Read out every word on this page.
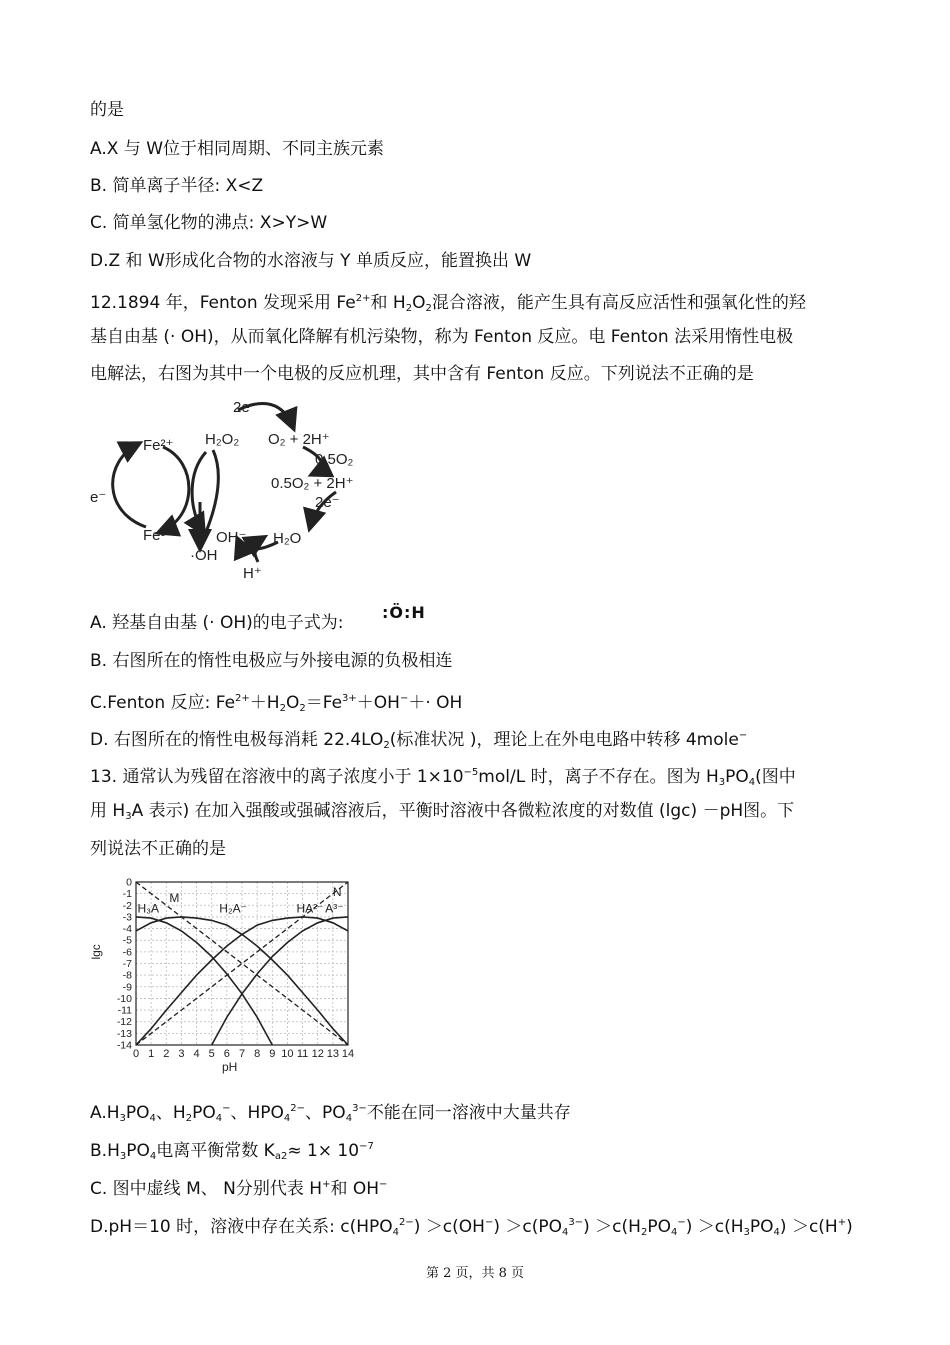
的是
A.X 与 W位于相同周期、不同主族元素
B. 简单离子半径: X<Z
C. 简单氢化物的沸点: X>Y>W
D.Z 和 W形成化合物的水溶液与 Y 单质反应，能置换出 W
12.1894 年，Fenton 发现采用 $Fe^{2+}$和 $H_2O_2$混合溶液，能产生具有高反应活性和强氧化性的羟
基自由基 (· OH)，从而氧化降解有机污染物，称为 Fenton 反应。电 Fenton 法采用惰性电极
电解法，右图为其中一个电极的反应机理，其中含有 Fenton 反应。下列说法不正确的是
Fe²⁺
Fe³⁺
H₂O₂ O₂ + 2H⁺
0.5O₂
0.5O₂ + 2H⁺
2e⁻
2e⁻
e⁻
OH⁻
·OH
H₂O
H⁺
A. 羟基自由基 (· OH)的电子式为:
:Ö:H
B. 右图所在的惰性电极应与外接电源的负极相连
C.Fenton 反应: $Fe^{2+}+H_2O_2=Fe^{3+}+OH^-+\cdot$ OH
D. 右图所在的惰性电极每消耗 $22.4LO_2$(标准状况 )，理论上在外电电路中转移 4mole−
13. 通常认为残留在溶液中的离子浓度小于 $1\times 10^{-5}mol/L$ 时，离子不存在。图为 $H_3PO_4$(图中
用 $H_3A$ 表示) 在加入强酸或强碱溶液后，平衡时溶液中各微粒浓度的对数值 (lgc) －pH图。下
列说法不正确的是
0 1 2 3 4 5 6 7 8 9 10 11 12 13 14
0
-1
-2
-3
-4
-5
-6
-7
-8
-9
-10
-11
-12
-13
-14
H₃A
M
H₂A⁻	HA²⁻
N
A³⁻
pH
lgc
$A.H_3PO_4$、$H_2PO_4^-$、$HPO_4^{2-}$、$PO_4^{3-}$不能在同一溶液中大量共存
$B.H_3PO_4$电离平衡常数 $K_{a2}\approx 1\times 10^{-7}$
C. 图中虚线 M、 N分别代表 H+和 OH−
D.pH＝10 时，溶液中存在关系: $c(HPO_4^{2-}) >c(OH^-) >c(PO_4^{3-}) >c(H_2PO_4^-) >c(H_3PO_4) >c(H^+)$
第 2 页，共 8 页
